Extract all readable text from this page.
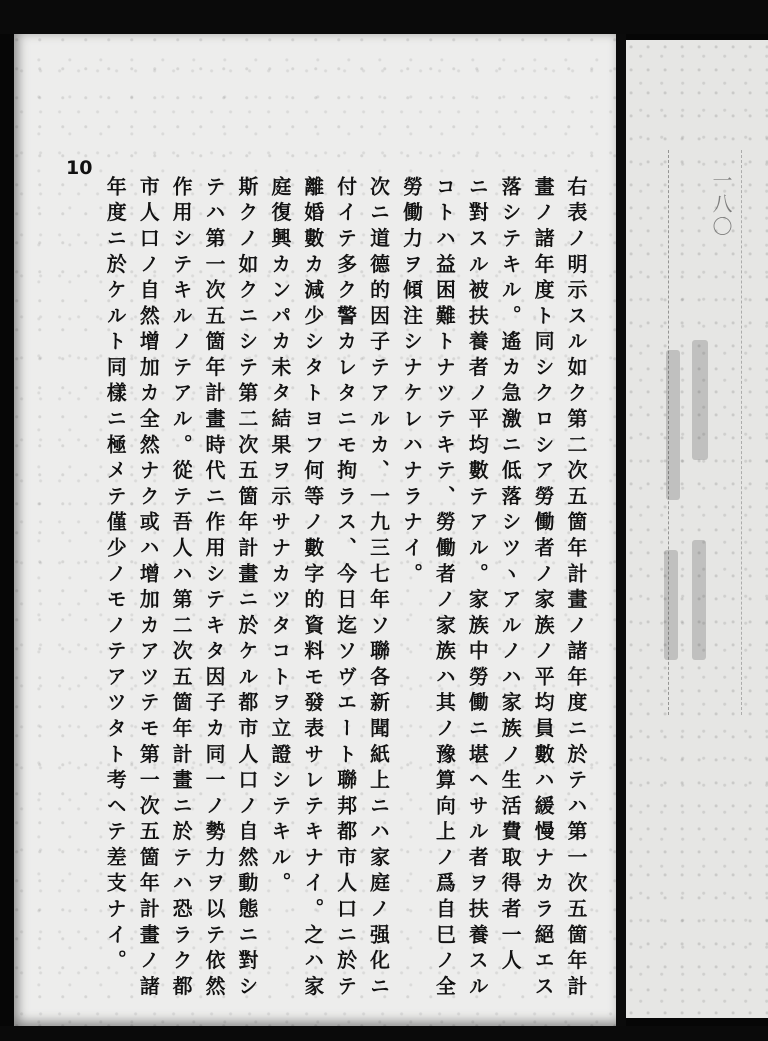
10
右表ノ明示スル如ク第二次五箇年計畫ノ諸年度ニ於テハ第一次五箇年計
畫ノ諸年度ト同シクロシア勞働者ノ家族ノ平均員數ハ緩慢ナカラ絕エス
落シテキル。遙カ急激ニ低落シツヽアルノハ家族ノ生活費取得者一人
ニ對スル被扶養者ノ平均數テアル。家族中勞働ニ堪ヘサル者ヲ扶養スル
コトハ益困難トナツテキテ、勞働者ノ家族ハ其ノ豫算向上ノ爲自巳ノ全
勞働力ヲ傾注シナケレハナラナイ。
次ニ道德的因子テアルカ、一九三七年ソ聯各新聞紙上ニハ家庭ノ强化ニ
付イテ多ク警カレタニモ拘ラス、今日迄ソヴエート聯邦都市人口ニ於テ
離婚數カ減少シタトヨフ何等ノ數字的資料モ發表サレテキナイ。之ハ家
庭復興カンパカ未タ結果ヲ示サナカツタコトヲ立證シテキル。
斯クノ如クニシテ第二次五箇年計畫ニ於ケル都市人口ノ自然動態ニ對シ
テハ第一次五箇年計畫時代ニ作用シテキタ因子カ同一ノ勢力ヲ以テ依然
作用シテキルノテアル。從テ吾人ハ第二次五箇年計畫ニ於テハ恐ラク都
市人口ノ自然增加カ全然ナク或ハ增加カアツテモ第一次五箇年計畫ノ諸
年度ニ於ケルト同樣ニ極メテ僅少ノモノテアツタト考ヘテ差支ナイ。	一八〇
